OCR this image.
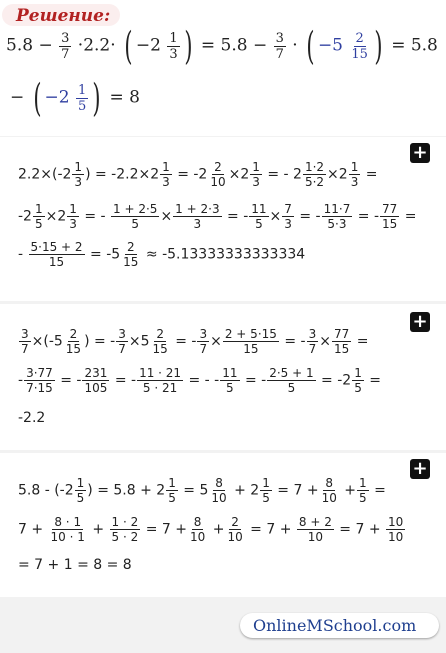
Решение:
$5.8 - \frac{3}{7} \cdot 2.2\cdot$ ( $-2 \frac{1}{3}$ ) = $5.8 - \frac{3}{7}$ · ( $-5 \frac{2}{15}$ ) = 5.8
− ( $-2 \frac{1}{5}$ ) = 8
+
$2.2\times(-2 \frac{1}{3}$ ) = $-2.2\times 2 \frac{1}{3} = -2 \frac{2}{10} \times 2 \frac{1}{3}$ = - $2 \frac{1\cdot 2}{5\cdot 2} \times 2 \frac{1}{3}$ =
$-2 \frac{1}{5} \times 2 \frac{1}{3}$ = - $\frac{1 + 2\cdot 5}{5} \times \frac{1 + 2\cdot 3}{3}$ = - $\frac{11}{5} \times \frac{7}{3}$ = - $\frac{11\cdot 7}{5\cdot 3}$ = - $\frac{77}{15}$ =
- $\frac{5\cdot 15 + 2}{15} = -5 \frac{2}{15} \approx -5.13333333333334$
+
$\frac{3}{7} \times(-5 \frac{2}{15}$ ) = - $\frac{3}{7} \times 5 \frac{2}{15}$ = - $\frac{3}{7} \times \frac{2 + 5\cdot 15}{15}$ = - $\frac{3}{7} \times \frac{77}{15}$ =
- $\frac{3\cdot 77}{7\cdot 15}$ = - $\frac{231}{105}$ = - $\frac{11 \cdot 21}{5 \cdot 21}$ = - - $\frac{11}{5}$ = - $\frac{2\cdot 5 + 1}{5} = -2 \frac{1}{5}$ =
-2.2
+
$5.8 - (-2 \frac{1}{5}$ ) = $5.8 + 2 \frac{1}{5} = 5 \frac{8}{10} + 2 \frac{1}{5} = 7 + \frac{8}{10} + \frac{1}{5}$ =
$7 + \frac{8 \cdot 1}{10 \cdot 1} + \frac{1 \cdot 2}{5 \cdot 2} = 7 + \frac{8}{10} + \frac{2}{10} = 7 + \frac{8 + 2}{10} = 7 + \frac{10}{10}$
= 7 + 1 = 8 = 8
OnlineMSchool.com
